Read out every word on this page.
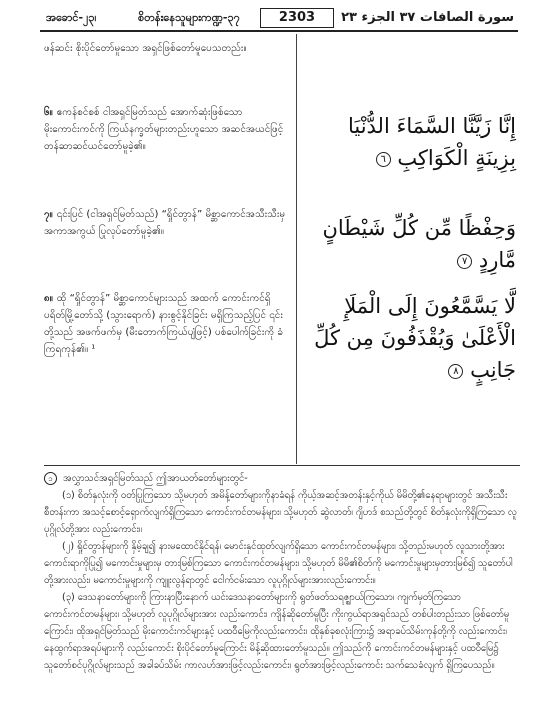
အခောင်-၂၃၊	စိတန်းနေသူများကဏ္ဍ-၃၇	2303	سورة الصافات ٣٧ الجزء ٢٣
ဖန်ဆင်း စိုးပိုင်တော်မူသော အရှင်ဖြစ်တော်မူပေသတည်း။
၆။ ဧကန်စင်စစ် ငါအရှင်မြတ်သည် အောက်ဆုံးဖြစ်သော မိုးကောင်းကင်ကို ကြယ်နက္ခတ်များတည်းဟူသော အဆင်အယင်ဖြင့် တန်ဆာဆင်ယင်တော်မူခဲ့၏။
၇။ ၎င်းပြင် (ငါအရှင်မြတ်သည်) “ရှိုင်တွာန်” မိစ္ဆာကောင်အသီးသီးမှ အကာအကွယ် ပြုလုပ်တော်မူခဲ့၏။
၈။ ထို “ရှိုင်တွာန်” မိစ္ဆာကောင်များသည် အထက် ကောင်းကင်ရှိ ပရိတ်မြို့တော်သို့ (သွားရောက်) နားစွင့်နိုင်ခြင်း မရှိကြသည့်ပြင် ၎င်းတို့သည် အဖက်ဖက်မှ (မီးတောက်ကြယ်ပျံဖြင့်) ပစ်ပေါက်ခြင်းကို ခံကြရကုန်၏။ ¹
إِنَّا زَيَّنَّا السَّمَاءَ الدُّنْيَا بِزِينَةٍ الْكَوَاكِبِ ٦
وَحِفْظًا مِّن كُلِّ شَيْطَانٍ مَّارِدٍ ٧
لَّا يَسَّمَّعُونَ إِلَى الْمَلَإِ الْأَعْلَىٰ وَيُقْذَفُونَ مِن كُلِّ جَانِبٍ ٨

၁ အလွှာသင်အရှင်မြတ်သည် ဤအာယတ်တော်များတွင်-

(၁) စိတ်နှလုံးကို ဝတ်ပြုကြသော သို့မဟုတ် အမိန့်တော်များကိုနာခံရန် ကိုယ့်အဆင့်အတန်းနှင့်ကိုယ် မိမိတို့၏နေရာများတွင် အသီးသီးစီတန်းကာ အသင့်စောင့်ရှောက်လျက်ရှိကြသော ကောင်းကင်တမန်များ၊ သို့မဟုတ် ဆွဲလာတ်၊ ဂျိဟဒ် စသည်တို့တွင် စိတ်နှလုံးကိုရှိကြသော လူပုဂ္ဂိုလ်တို့အား လည်းကောင်း။

(၂) ရှိုင်တွာန်များကို နှိမ့်ချ၍ နားမထောင်နိုင်ရန်၊ မောင်းနှင်ထုတ်လျက်ရှိသော ကောင်းကင်တမန်များ၊ သို့တည်းမဟုတ် လူသားတို့အား ကောင်းရာကိုပြု၍ မကောင်းမှုများမှ တားမြစ်ကြသော ကောင်းကင်တမန်များ၊ သို့မဟုတ် မိမိ၏စိတ်ကို မကောင်းမှုများမှတားမြစ်၍ သူတော်ပါတို့အားလည်း၊ မကောင်းမှုများကို ကျူးလွန်ရာတွင် ငေါက်ငမ်းသော လူပုဂ္ဂိုလ်များအားလည်းကောင်း။

(၃) ဒေသနာတော်များကို ကြားနာပြီးနောက် ယင်းဒေသနာတော်များကို ရွတ်ဖတ်သရဇ္ဈာယ်ကြသော၊ ကျက်မှတ်ကြသော ကောင်းကင်တမန်များ၊ သို့မဟုတ် လူပုဂ္ဂိုလ်များအား လည်းကောင်း၊ ကျိန်ဆိုတော်မူပြီး ကိုးကွယ်ရာအရှင်သည် တစ်ပါးတည်းသာ ဖြစ်တော်မူကြောင်း၊ ထိုအရှင်မြတ်သည် မိုးကောင်းကင်များနှင့် ပထဝီမြေကိုလည်းကောင်း၊ ထိုနှစ်ခုစလုံးကြား၌ အရာခပ်သိမ်းကုန်တို့ကို လည်းကောင်း၊ နေထွက်ရာအရပ်များကို လည်းကောင်း စိုးပိုင်တော်မူကြောင်း မိန့်ဆိုထားတော်မူသည်။ ဤသည်ကို ကောင်းကင်တမန်များနှင့် ပထဝီမြေ၌ သူတော်စင်ပုဂ္ဂိုလ်များသည် အခါခပ်သိမ်း ကာလဟ်အားဖြင့်လည်းကောင်း၊ ရွတ်အားဖြင့်လည်းကောင်း သက်သေခံလျက် ရှိကြပေသည်။
